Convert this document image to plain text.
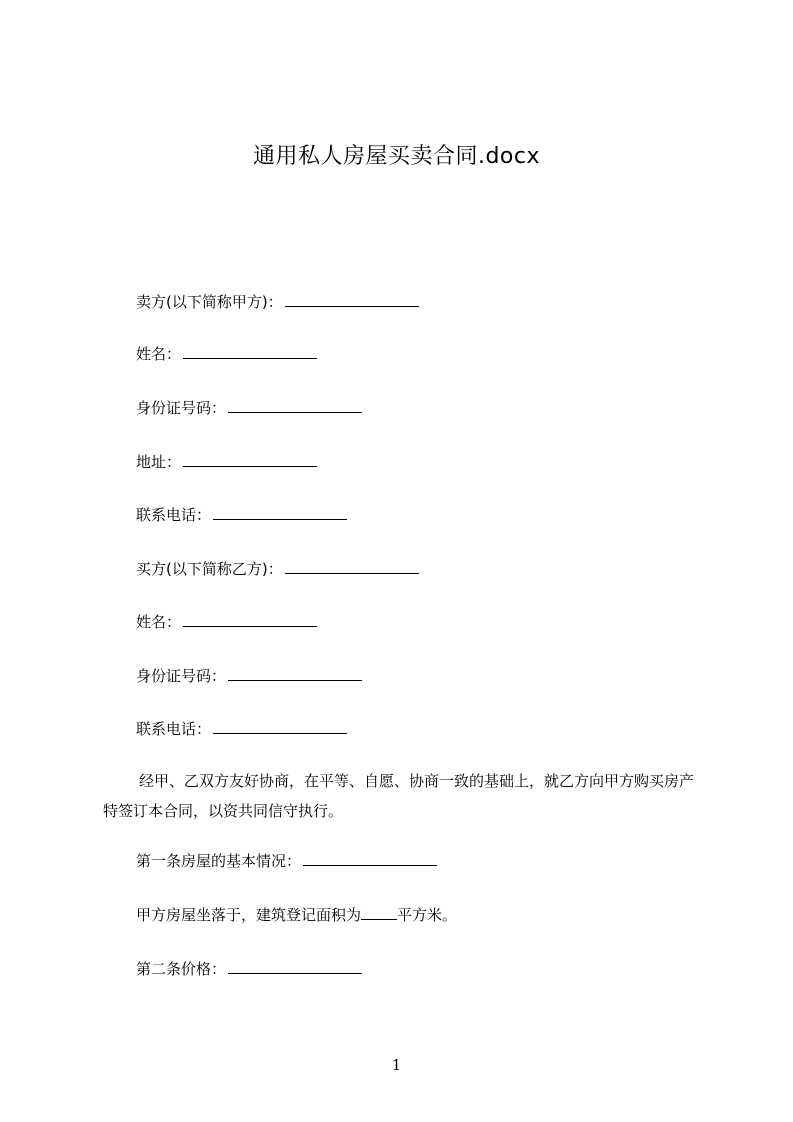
通用私人房屋买卖合同.docx
卖方(以下简称甲方)：
姓名：
身份证号码：
地址：
联系电话：
买方(以下简称乙方)：
姓名：
身份证号码：
联系电话：
经甲、乙双方友好协商，在平等、自愿、协商一致的基础上，就乙方向甲方购买房产特签订本合同，以资共同信守执行。
第一条房屋的基本情况：
甲方房屋坐落于，建筑登记面积为 平方米。
第二条价格：
1
